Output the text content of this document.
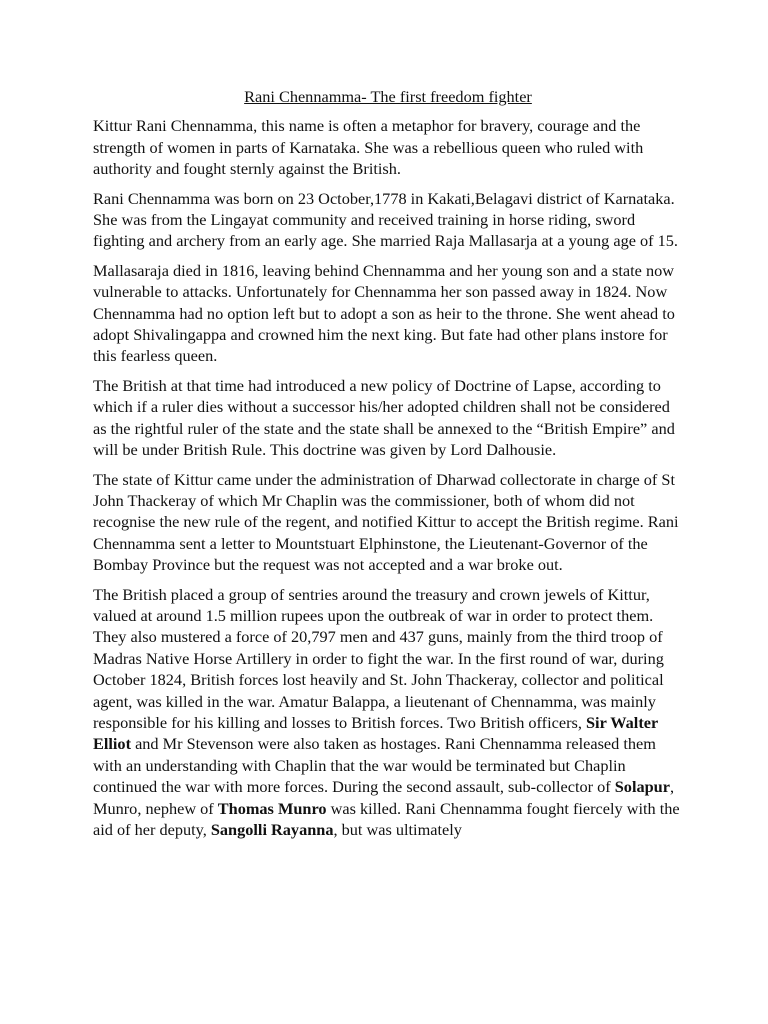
Rani Chennamma- The first freedom fighter

Kittur Rani Chennamma, this name is often a metaphor for bravery, courage and the strength of women in parts of Karnataka. She was a rebellious queen who ruled with authority and fought sternly against the British.

Rani Chennamma was born on 23 October,1778 in Kakati,Belagavi district of Karnataka. She was from the Lingayat community and received training in horse riding, sword fighting and archery from an early age. She married Raja Mallasarja at a young age of 15.

Mallasaraja died in 1816, leaving behind Chennamma and her young son and a state now vulnerable to attacks. Unfortunately for Chennamma her son passed away in 1824. Now Chennamma had no option left but to adopt a son as heir to the throne. She went ahead to adopt Shivalingappa and crowned him the next king. But fate had other plans instore for this fearless queen.

The British at that time had introduced a new policy of Doctrine of Lapse, according to which if a ruler dies without a successor his/her adopted children shall not be considered as the rightful ruler of the state and the state shall be annexed to the “British Empire” and will be under British Rule. This doctrine was given by Lord Dalhousie.

The state of Kittur came under the administration of Dharwad collectorate in charge of St John Thackeray of which Mr Chaplin was the commissioner, both of whom did not recognise the new rule of the regent, and notified Kittur to accept the British regime. Rani Chennamma sent a letter to Mountstuart Elphinstone, the Lieutenant-Governor of the Bombay Province but the request was not accepted and a war broke out.

The British placed a group of sentries around the treasury and crown jewels of Kittur, valued at around 1.5 million rupees upon the outbreak of war in order to protect them. They also mustered a force of 20,797 men and 437 guns, mainly from the third troop of Madras Native Horse Artillery in order to fight the war. In the first round of war, during October 1824, British forces lost heavily and St. John Thackeray, collector and political agent, was killed in the war. Amatur Balappa, a lieutenant of Chennamma, was mainly responsible for his killing and losses to British forces. Two British officers, Sir Walter Elliot and Mr Stevenson were also taken as hostages. Rani Chennamma released them with an understanding with Chaplin that the war would be terminated but Chaplin continued the war with more forces. During the second assault, sub-collector of Solapur, Munro, nephew of Thomas Munro was killed. Rani Chennamma fought fiercely with the aid of her deputy, Sangolli Rayanna, but was ultimately
